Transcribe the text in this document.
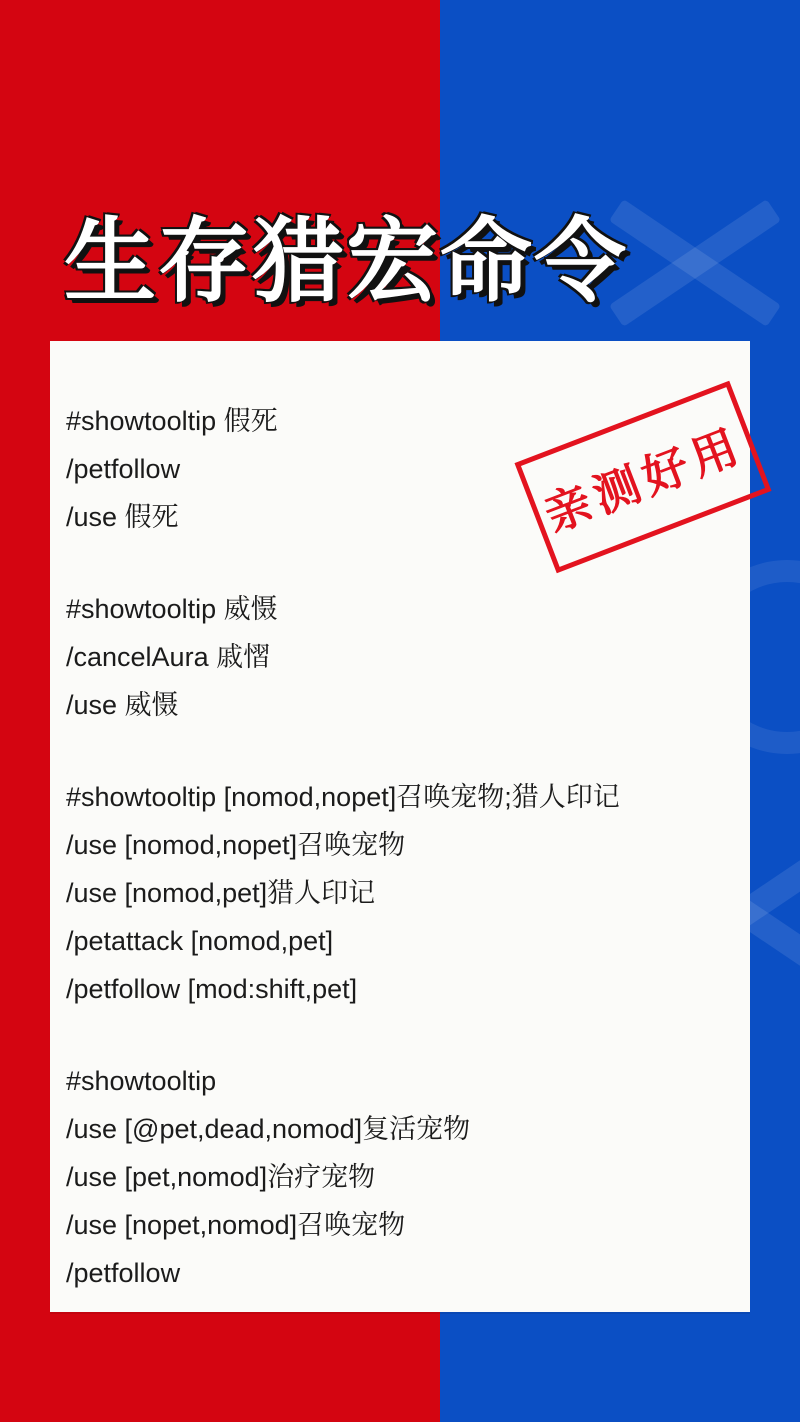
生存猎宏命令
#showtooltip 假死
/petfollow
/use 假死
#showtooltip 威慑
/cancelAura 戚慴
/use 威慑
#showtooltip [nomod,nopet]召唤宠物;猎人印记
/use [nomod,nopet]召唤宠物
/use [nomod,pet]猎人印记
/petattack [nomod,pet]
/petfollow [mod:shift,pet]
#showtooltip
/use [@pet,dead,nomod]复活宠物
/use [pet,nomod]治疗宠物
/use [nopet,nomod]召唤宠物
/petfollow
亲测好用
